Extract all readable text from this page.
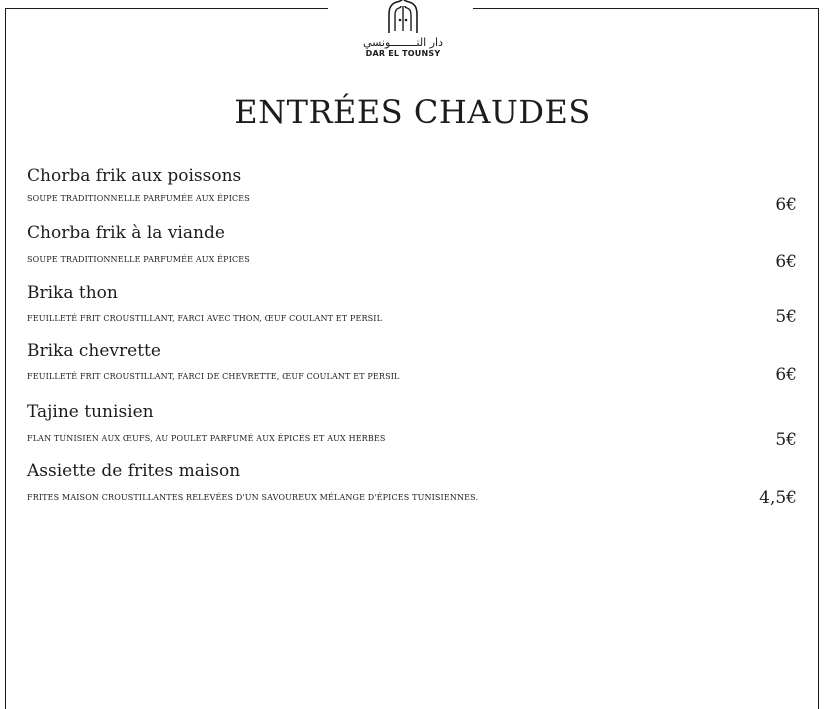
دار التــــــــونسي
DAR EL TOUNSY
ENTRÉES CHAUDES
Chorba frik aux poissons
SOUPE TRADITIONNELLE PARFUMÉE AUX ÉPICES	6€
Chorba frik à la viande
SOUPE TRADITIONNELLE PARFUMÉE AUX ÉPICES	6€
Brika thon
FEUILLETÉ FRIT CROUSTILLANT, FARCI AVEC THON, ŒUF COULANT ET PERSIL	5€
Brika chevrette
FEUILLETÉ FRIT CROUSTILLANT, FARCI DE CHEVRETTE, ŒUF COULANT ET PERSIL	6€
Tajine tunisien
FLAN TUNISIEN AUX ŒUFS, AU POULET PARFUMÉ AUX ÉPICES ET AUX HERBES	5€
Assiette de frites maison
FRITES MAISON CROUSTILLANTES RELEVÉES D'UN SAVOUREUX MÉLANGE D'ÉPICES TUNISIENNES.	4,5€
